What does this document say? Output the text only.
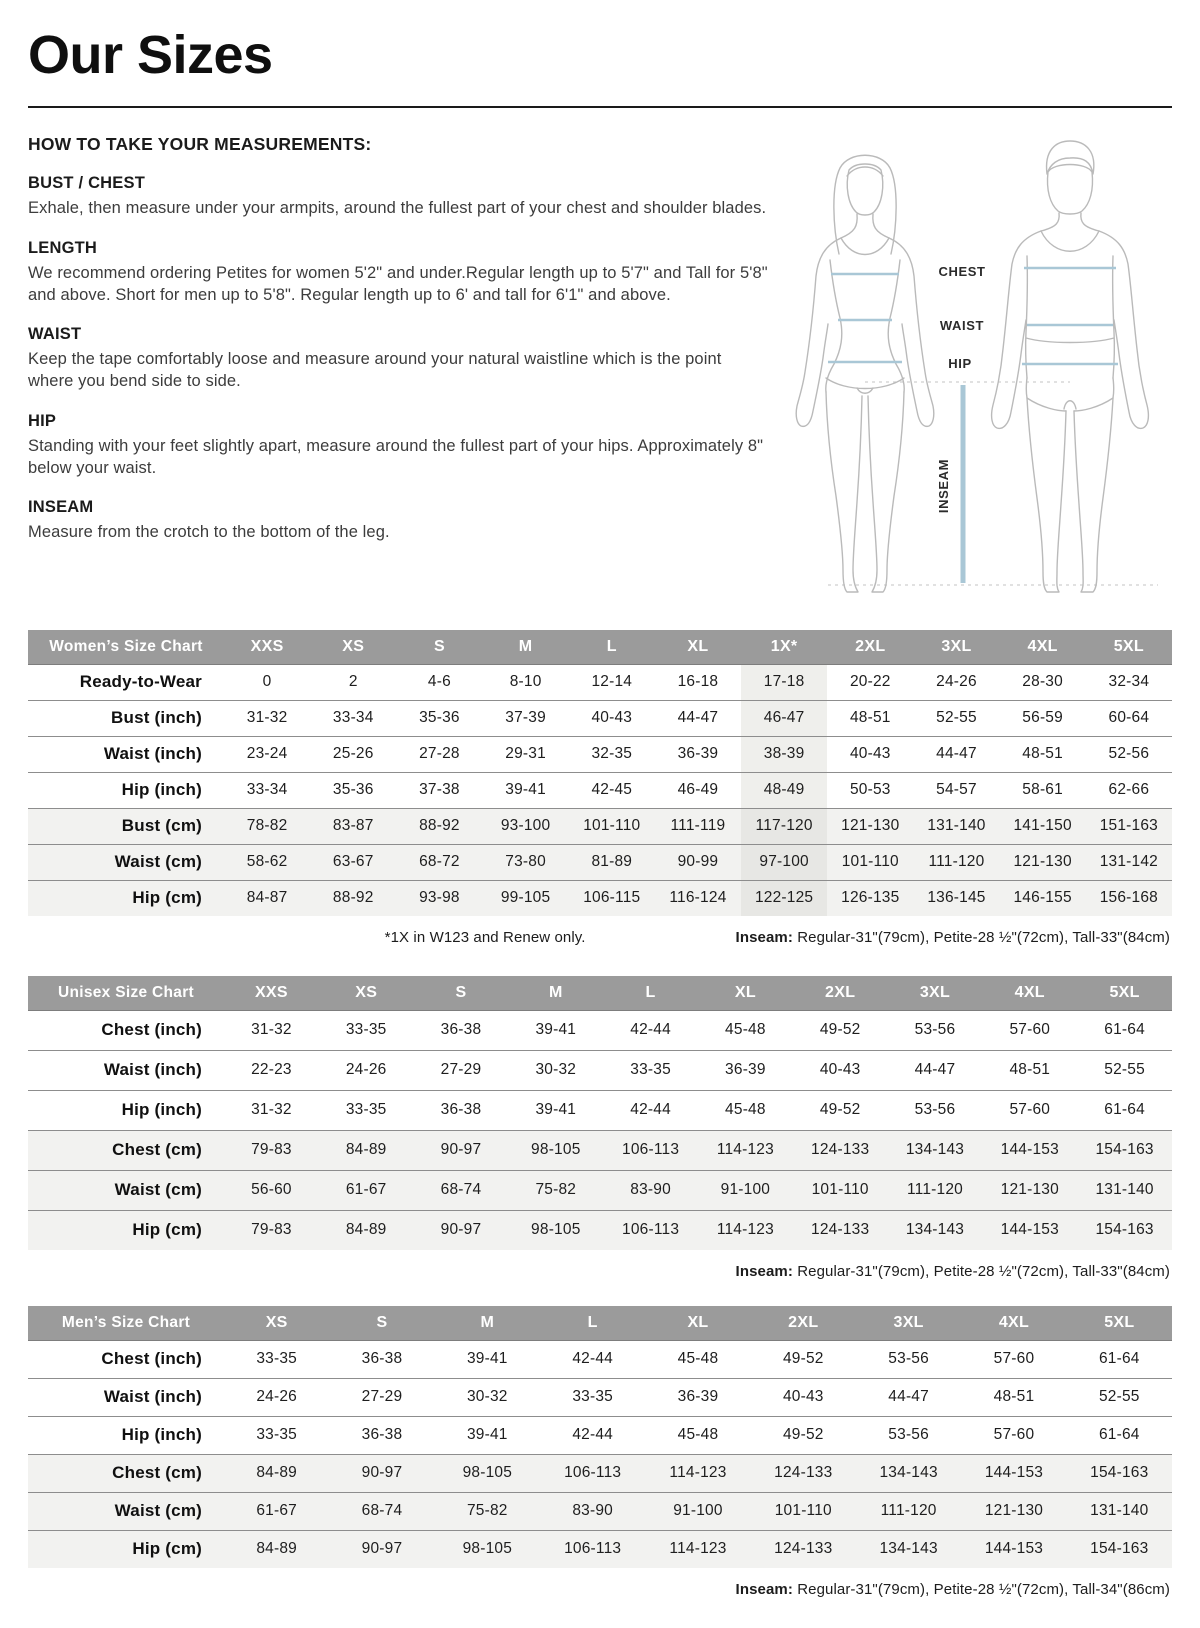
Our Sizes
HOW TO TAKE YOUR MEASUREMENTS:
BUST / CHEST

Exhale, then measure under your armpits, around the fullest part of your chest and shoulder blades.

LENGTH

We recommend ordering Petites for women 5'2" and under.Regular length up to 5'7" and Tall for 5'8" and above. Short for men up to 5'8". Regular length up to 6' and tall for 6'1" and above.

WAIST

Keep the tape comfortably loose and measure around your natural waistline which is the point where you bend side to side.

HIP

Standing with your feet slightly apart, measure around the fullest part of your hips. Approximately 8" below your waist.

INSEAM

Measure from the crotch to the bottom of the leg.

CHEST
WAIST
HIP
INSEAM
Women’s Size Chart	XXS	XS	S	M	L	XL	1X*	2XL	3XL	4XL	5XL
Ready-to-Wear	0	2	4-6	8-10	12-14	16-18	17-18	20-22	24-26	28-30	32-34
Bust (inch)	31-32	33-34	35-36	37-39	40-43	44-47	46-47	48-51	52-55	56-59	60-64
Waist (inch)	23-24	25-26	27-28	29-31	32-35	36-39	38-39	40-43	44-47	48-51	52-56
Hip (inch)	33-34	35-36	37-38	39-41	42-45	46-49	48-49	50-53	54-57	58-61	62-66
Bust (cm)	78-82	83-87	88-92	93-100	101-110	111-119	117-120	121-130	131-140	141-150	151-163
Waist (cm)	58-62	63-67	68-72	73-80	81-89	90-99	97-100	101-110	111-120	121-130	131-142
Hip (cm)	84-87	88-92	93-98	99-105	106-115	116-124	122-125	126-135	136-145	146-155	156-168
*1X in W123 and Renew only.	Inseam: Regular-31"(79cm), Petite-28 ½"(72cm), Tall-33"(84cm)
Unisex Size Chart	XXS	XS	S	M	L	XL	2XL	3XL	4XL	5XL
Chest (inch)	31-32	33-35	36-38	39-41	42-44	45-48	49-52	53-56	57-60	61-64
Waist (inch)	22-23	24-26	27-29	30-32	33-35	36-39	40-43	44-47	48-51	52-55
Hip (inch)	31-32	33-35	36-38	39-41	42-44	45-48	49-52	53-56	57-60	61-64
Chest (cm)	79-83	84-89	90-97	98-105	106-113	114-123	124-133	134-143	144-153	154-163
Waist (cm)	56-60	61-67	68-74	75-82	83-90	91-100	101-110	111-120	121-130	131-140
Hip (cm)	79-83	84-89	90-97	98-105	106-113	114-123	124-133	134-143	144-153	154-163

Inseam: Regular-31"(79cm), Petite-28 ½"(72cm), Tall-33"(84cm)

Men’s Size Chart	XS	S	M	L	XL	2XL	3XL	4XL	5XL
Chest (inch)	33-35	36-38	39-41	42-44	45-48	49-52	53-56	57-60	61-64
Waist (inch)	24-26	27-29	30-32	33-35	36-39	40-43	44-47	48-51	52-55
Hip (inch)	33-35	36-38	39-41	42-44	45-48	49-52	53-56	57-60	61-64
Chest (cm)	84-89	90-97	98-105	106-113	114-123	124-133	134-143	144-153	154-163
Waist (cm)	61-67	68-74	75-82	83-90	91-100	101-110	111-120	121-130	131-140
Hip (cm)	84-89	90-97	98-105	106-113	114-123	124-133	134-143	144-153	154-163

Inseam: Regular-31"(79cm), Petite-28 ½"(72cm), Tall-34"(86cm)
